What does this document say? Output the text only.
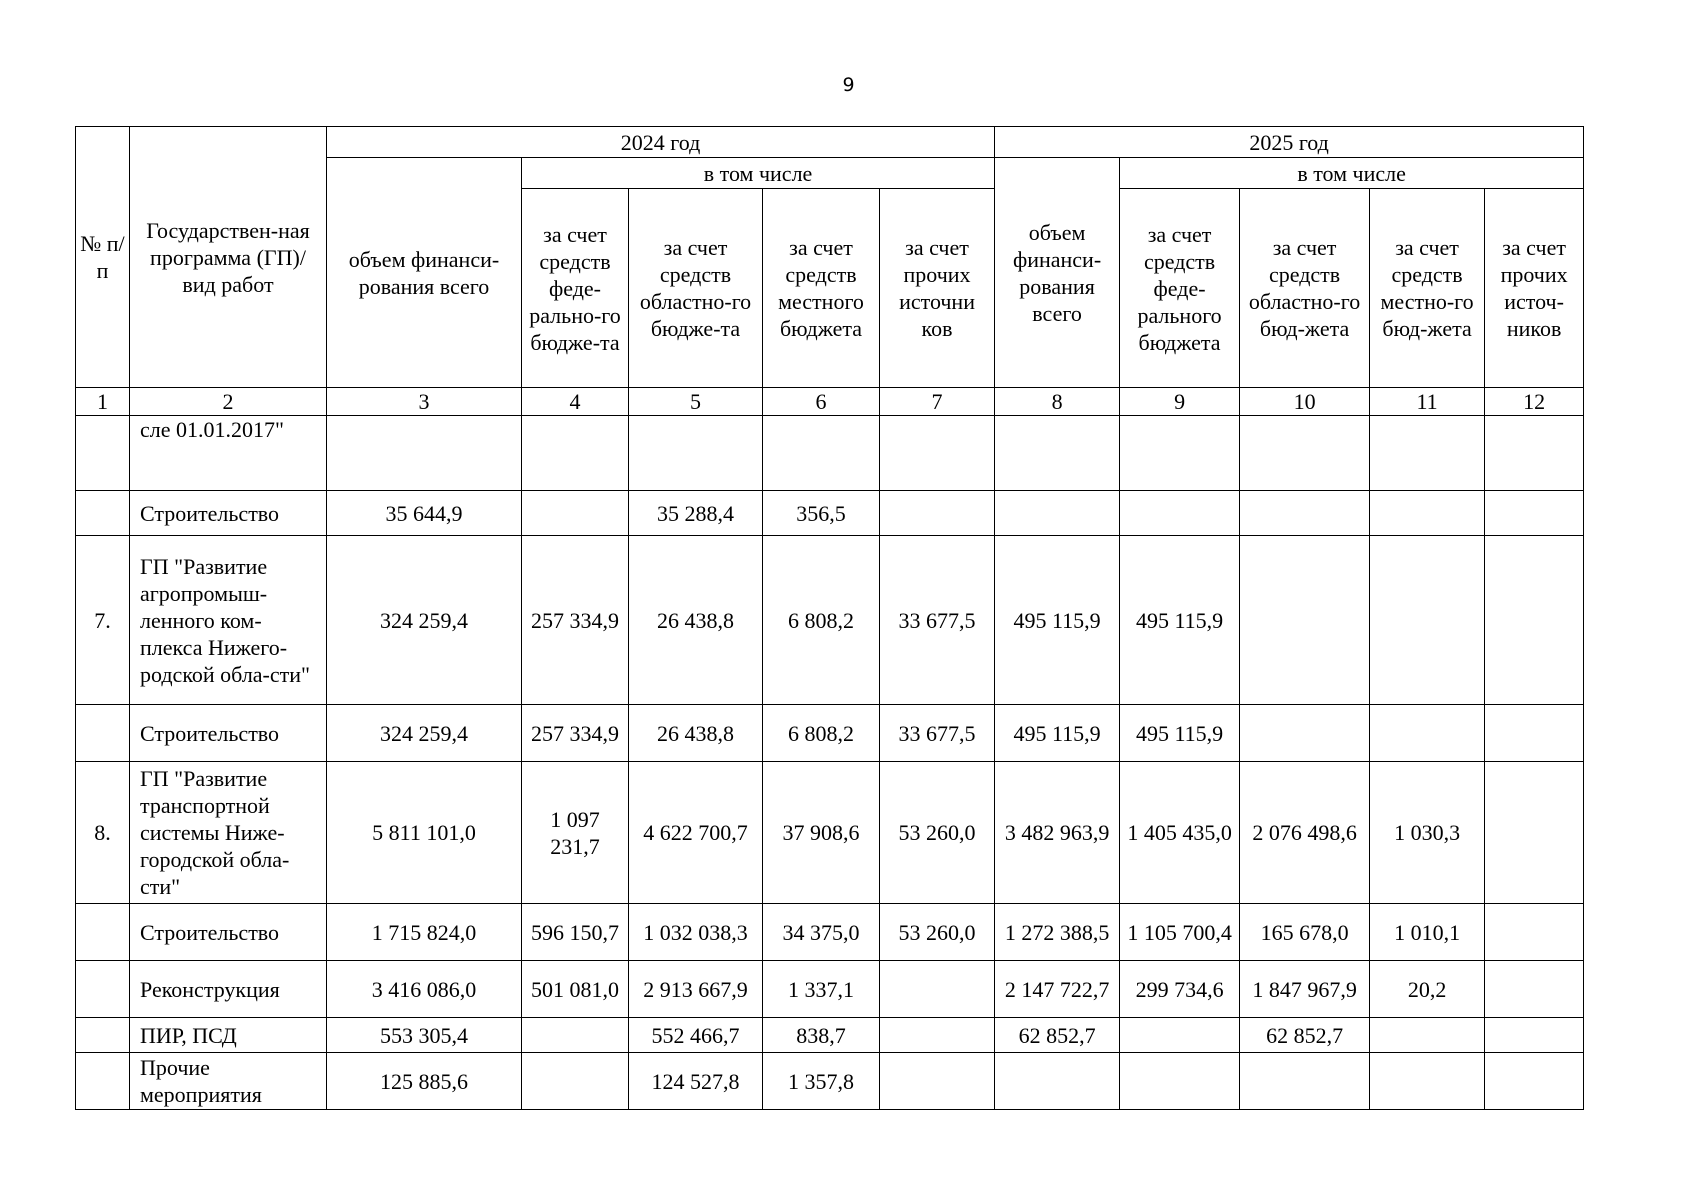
9
№ п/п	Государствен-ная программа (ГП)/ вид работ	2024 год					2025 год				
		объем финанси-рования всего	в том числе				объем финанси-рования всего	в том числе			
			за счет средств феде-рально-го бюдже-та	за счет средств областно-го бюдже-та	за счет средств местного бюджета	за счет прочих источни ков		за счет средств феде-рального бюджета	за счет средств областно-го бюд-жета	за счет средств местно-го бюд-жета	за счет прочих источ-ников
1	2	3	4	5	6	7	8	9	10	11	12
	сле 01.01.2017"										
	Строительство	35 644,9		35 288,4	356,5						
7.	ГП "Развитие агропромыш-ленного ком-плекса Нижего-родской обла-сти"	324 259,4	257 334,9	26 438,8	6 808,2	33 677,5	495 115,9	495 115,9			
	Строительство	324 259,4	257 334,9	26 438,8	6 808,2	33 677,5	495 115,9	495 115,9			
8.	ГП "Развитие транспортной системы Ниже-городской обла-сти"	5 811 101,0	1 097 231,7	4 622 700,7	37 908,6	53 260,0	3 482 963,9	1 405 435,0	2 076 498,6	1 030,3	
	Строительство	1 715 824,0	596 150,7	1 032 038,3	34 375,0	53 260,0	1 272 388,5	1 105 700,4	165 678,0	1 010,1	
	Реконструкция	3 416 086,0	501 081,0	2 913 667,9	1 337,1		2 147 722,7	299 734,6	1 847 967,9	20,2	
	ПИР, ПСД	553 305,4		552 466,7	838,7		62 852,7		62 852,7		
	Прочие мероприятия	125 885,6		124 527,8	1 357,8						
